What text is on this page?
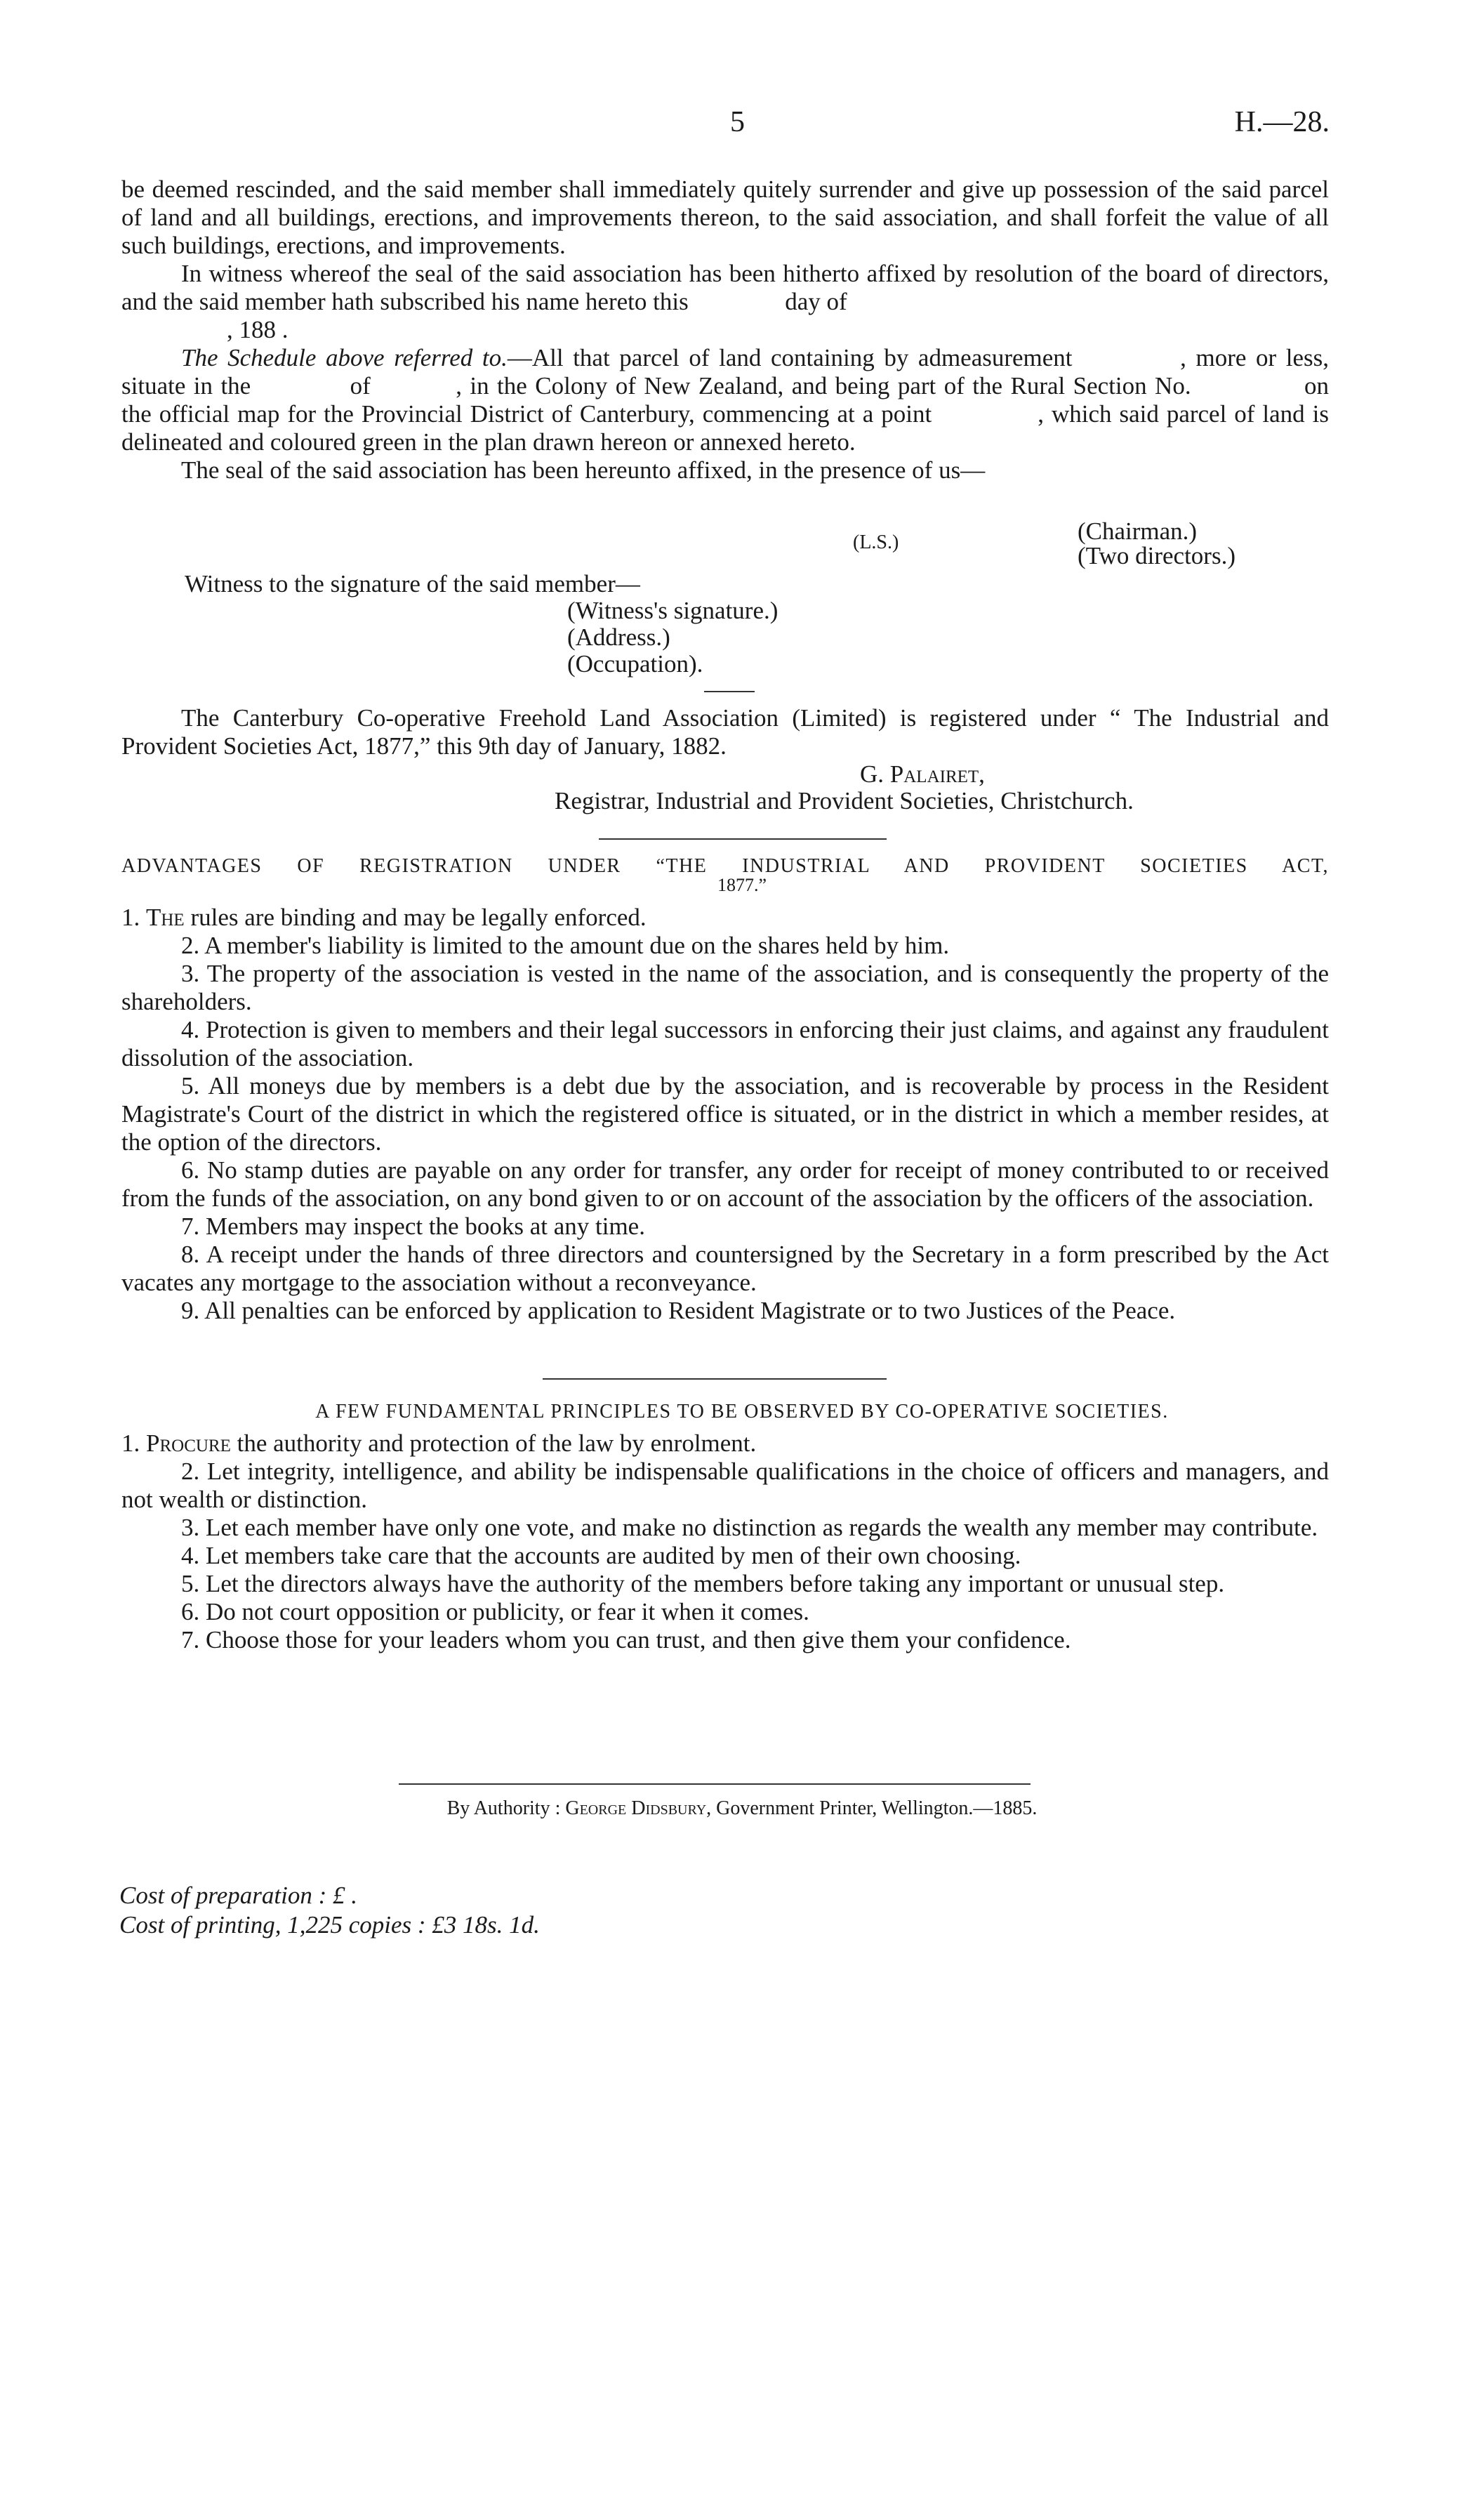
5	H.—28.

be deemed rescinded, and the said member shall immediately quitely surrender and give up possession of the said parcel of land and all buildings, erections, and improvements thereon, to the said association, and shall forfeit the value of all such buildings, erections, and improvements.

In witness whereof the seal of the said association has been hitherto affixed by resolution of the board of directors, and the said member hath subscribed his name hereto this	day of

, 188 .

The Schedule above referred to.—All that parcel of land containing by admeasurement	, more or less, situate in the	of	, in the Colony of New Zealand, and being part of the Rural Section No.	on the official map for the Provincial District of Canterbury, commencing at a point	, which said parcel of land is delineated and coloured green in the plan drawn hereon or annexed hereto.

The seal of the said association has been hereunto affixed, in the presence of us—

(L.S.)	(Chairman.)
(Two directors.)
Witness to the signature of the said member—
(Witness's signature.)
(Address.)
(Occupation).

The Canterbury Co-operative Freehold Land Association (Limited) is registered under “ The Industrial and Provident Societies Act, 1877,” this 9th day of January, 1882.

G. Palairet,
Registrar, Industrial and Provident Societies, Christchurch.
ADVANTAGES OF REGISTRATION UNDER “THE INDUSTRIAL AND PROVIDENT SOCIETIES ACT,
1877.”

1. The rules are binding and may be legally enforced.

2. A member's liability is limited to the amount due on the shares held by him.

3. The property of the association is vested in the name of the association, and is consequently the property of the shareholders.

4. Protection is given to members and their legal successors in enforcing their just claims, and against any fraudulent dissolution of the association.

5. All moneys due by members is a debt due by the association, and is recoverable by process in the Resident Magistrate's Court of the district in which the registered office is situated, or in the district in which a member resides, at the option of the directors.

6. No stamp duties are payable on any order for transfer, any order for receipt of money contributed to or received from the funds of the association, on any bond given to or on account of the association by the officers of the association.

7. Members may inspect the books at any time.

8. A receipt under the hands of three directors and countersigned by the Secretary in a form prescribed by the Act vacates any mortgage to the association without a reconveyance.

9. All penalties can be enforced by application to Resident Magistrate or to two Justices of the Peace.

A FEW FUNDAMENTAL PRINCIPLES TO BE OBSERVED BY CO-OPERATIVE SOCIETIES.

1. Procure the authority and protection of the law by enrolment.

2. Let integrity, intelligence, and ability be indispensable qualifications in the choice of officers and managers, and not wealth or distinction.

3. Let each member have only one vote, and make no distinction as regards the wealth any member may contribute.

4. Let members take care that the accounts are audited by men of their own choosing.

5. Let the directors always have the authority of the members before taking any important or unusual step.

6. Do not court opposition or publicity, or fear it when it comes.

7. Choose those for your leaders whom you can trust, and then give them your confidence.

By Authority : George Didsbury, Government Printer, Wellington.—1885.
Cost of preparation : £ .
Cost of printing, 1,225 copies : £3 18s. 1d.
